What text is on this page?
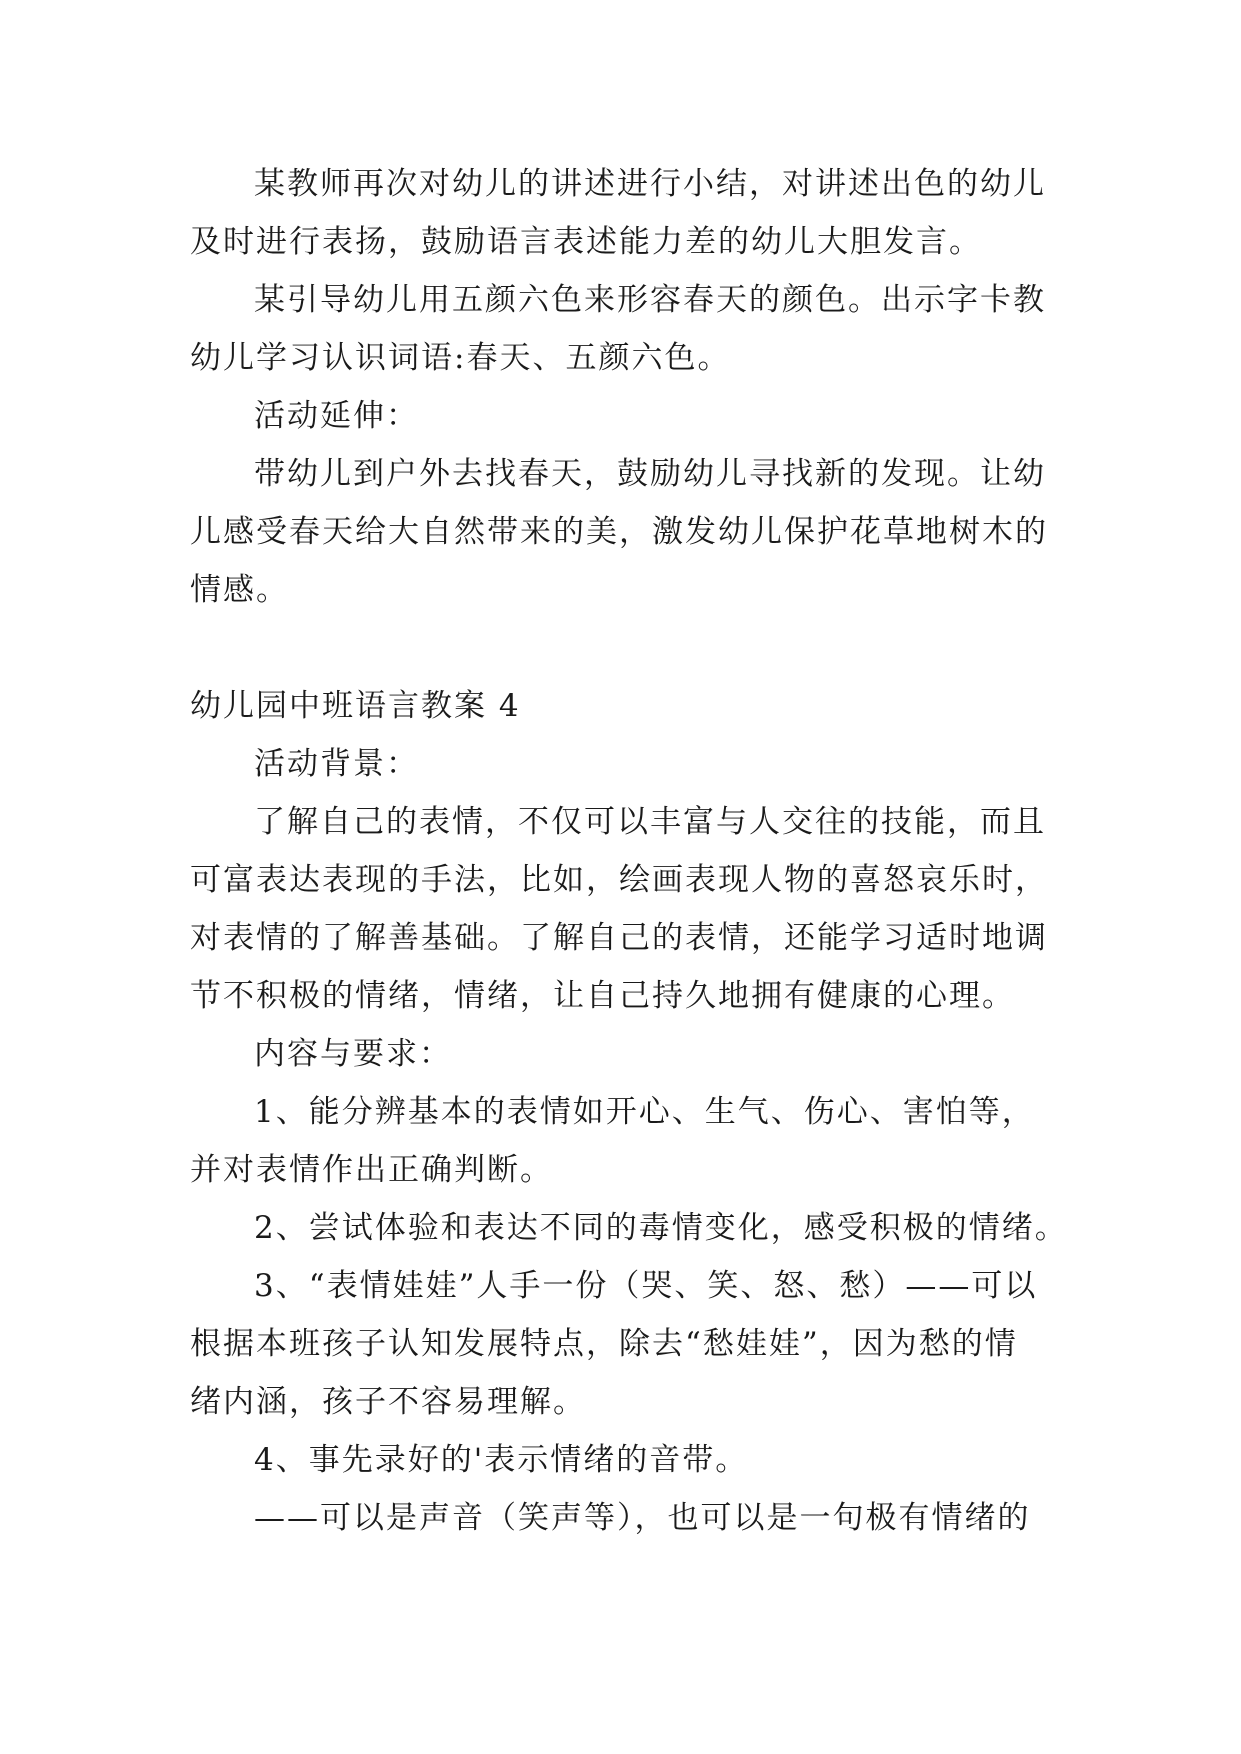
某教师再次对幼儿的讲述进行小结，对讲述出色的幼儿
及时进行表扬，鼓励语言表述能力差的幼儿大胆发言。
某引导幼儿用五颜六色来形容春天的颜色。出示字卡教
幼儿学习认识词语:春天、五颜六色。
活动延伸：
带幼儿到户外去找春天，鼓励幼儿寻找新的发现。让幼
儿感受春天给大自然带来的美，激发幼儿保护花草地树木的
情感。
幼儿园中班语言教案 4
活动背景：
了解自己的表情，不仅可以丰富与人交往的技能，而且
可富表达表现的手法，比如，绘画表现人物的喜怒哀乐时，
对表情的了解善基础。了解自己的表情，还能学习适时地调
节不积极的情绪，情绪，让自己持久地拥有健康的心理。
内容与要求：
1、能分辨基本的表情如开心、生气、伤心、害怕等，
并对表情作出正确判断。
2、尝试体验和表达不同的毒情变化，感受积极的情绪。
3、“表情娃娃”人手一份（哭、笑、怒、愁）——可以
根据本班孩子认知发展特点，除去“愁娃娃”，因为愁的情
绪内涵，孩子不容易理解。
4、事先录好的'表示情绪的音带。
——可以是声音（笑声等），也可以是一句极有情绪的
